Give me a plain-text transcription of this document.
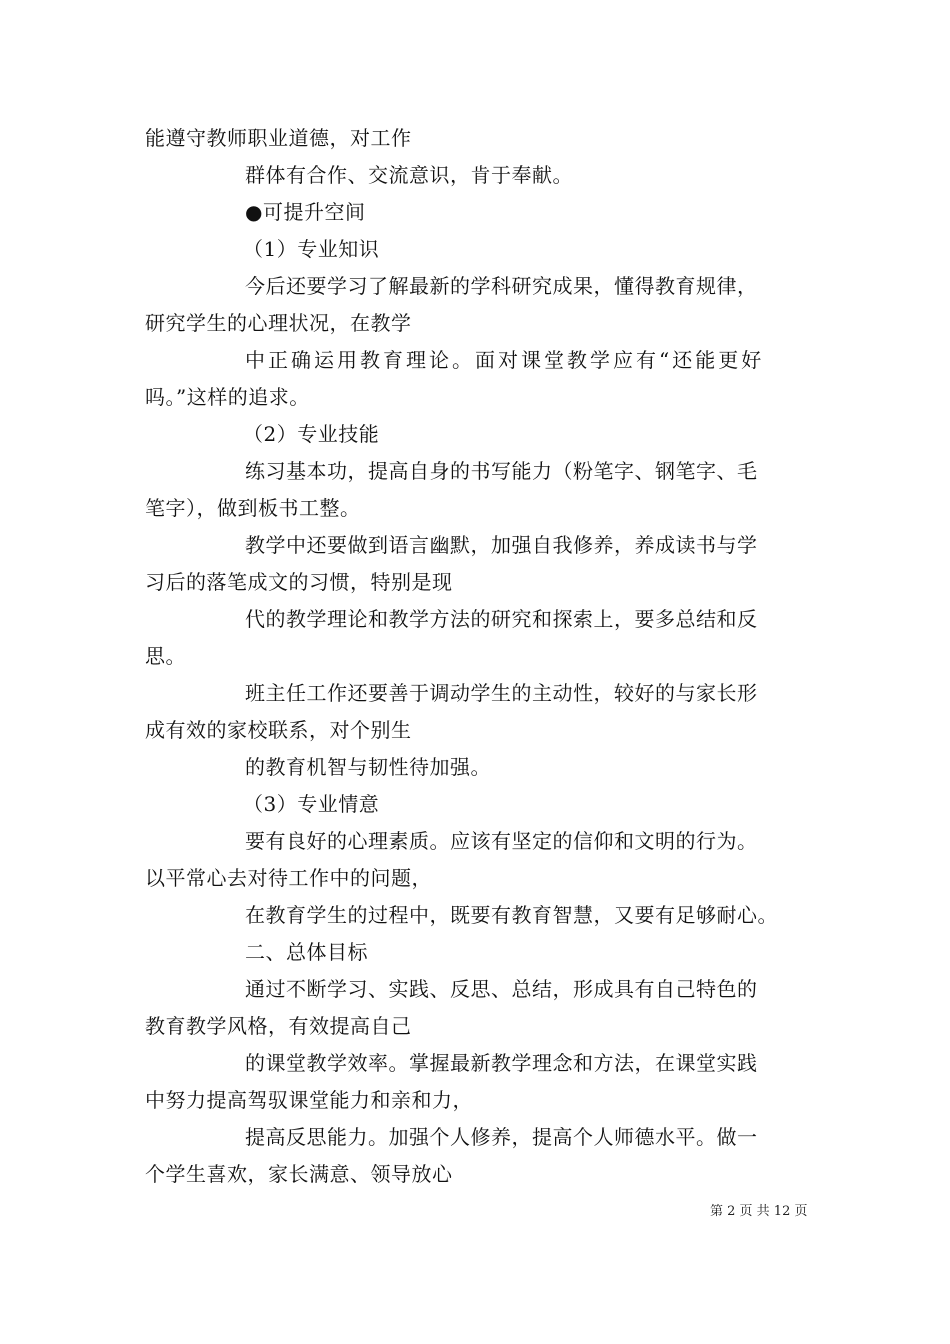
能遵守教师职业道德，对工作
群体有合作、交流意识，肯于奉献。
●可提升空间
（1）专业知识
今后还要学习了解最新的学科研究成果，懂得教育规律，
研究学生的心理状况，在教学
中正确运用教育理论。面对课堂教学应有“还能更好
吗。”这样的追求。
（2）专业技能
练习基本功，提高自身的书写能力（粉笔字、钢笔字、毛
笔字），做到板书工整。
教学中还要做到语言幽默，加强自我修养，养成读书与学
习后的落笔成文的习惯，特别是现
代的教学理论和教学方法的研究和探索上，要多总结和反
思。
班主任工作还要善于调动学生的主动性，较好的与家长形
成有效的家校联系，对个别生
的教育机智与韧性待加强。
（3）专业情意
要有良好的心理素质。应该有坚定的信仰和文明的行为。
以平常心去对待工作中的问题，
在教育学生的过程中，既要有教育智慧，又要有足够耐心。
二、总体目标
通过不断学习、实践、反思、总结，形成具有自己特色的
教育教学风格，有效提高自己
的课堂教学效率。掌握最新教学理念和方法，在课堂实践
中努力提高驾驭课堂能力和亲和力，
提高反思能力。加强个人修养，提高个人师德水平。做一
个学生喜欢，家长满意、领导放心
第 2 页 共 12 页
